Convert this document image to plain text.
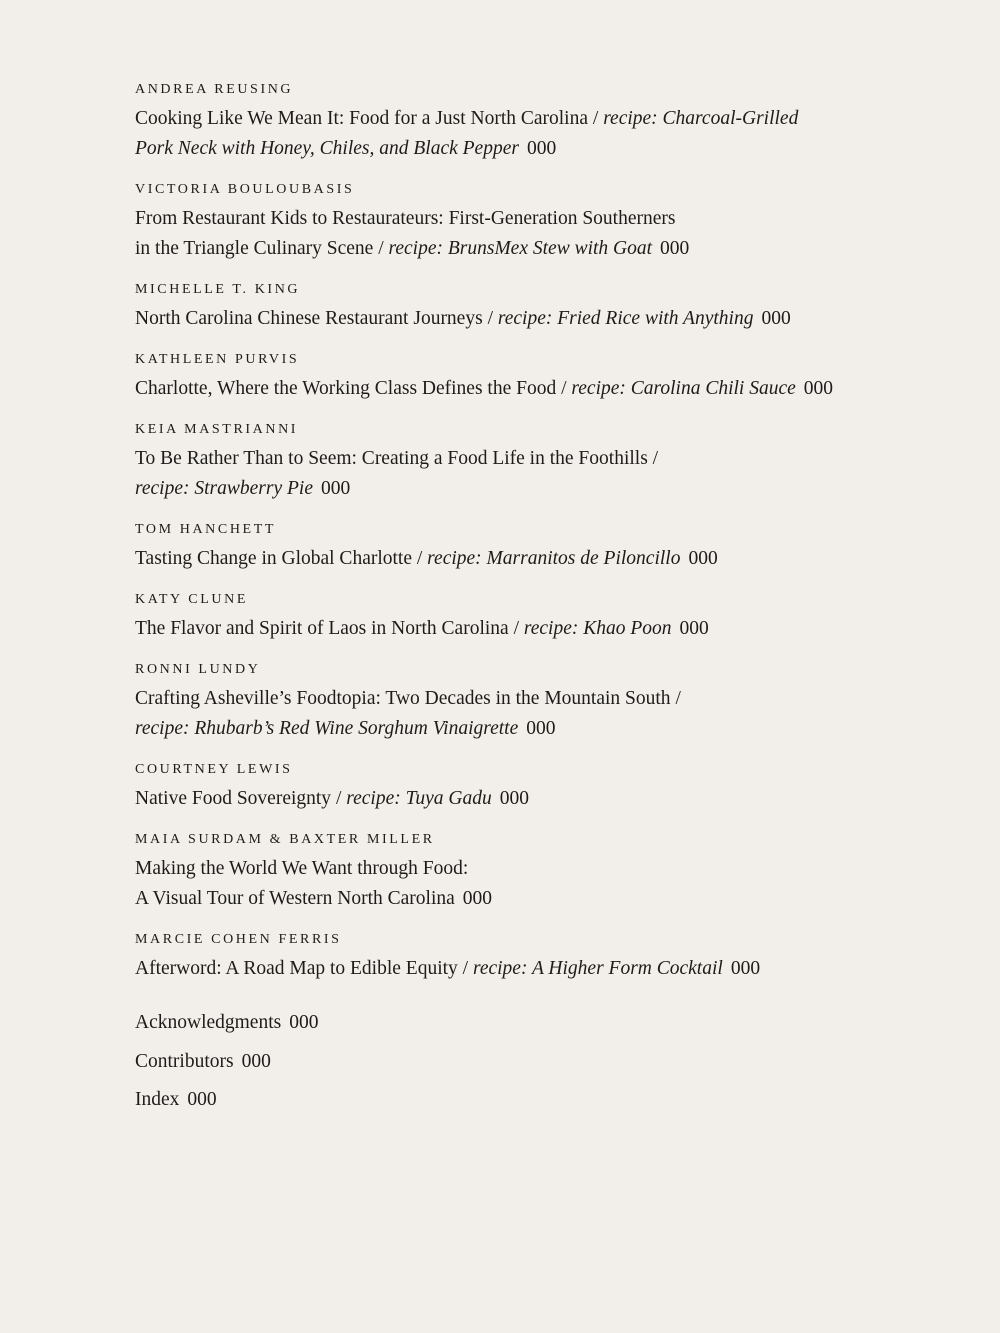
ANDREA REUSING
Cooking Like We Mean It: Food for a Just North Carolina / recipe: Charcoal-Grilled
Pork Neck with Honey, Chiles, and Black Pepper 000
VICTORIA BOULOUBASIS
From Restaurant Kids to Restaurateurs: First-Generation Southerners
in the Triangle Culinary Scene / recipe: BrunsMex Stew with Goat 000
MICHELLE T. KING
North Carolina Chinese Restaurant Journeys / recipe: Fried Rice with Anything 000
KATHLEEN PURVIS
Charlotte, Where the Working Class Defines the Food / recipe: Carolina Chili Sauce 000
KEIA MASTRIANNI
To Be Rather Than to Seem: Creating a Food Life in the Foothills /
recipe: Strawberry Pie 000
TOM HANCHETT
Tasting Change in Global Charlotte / recipe: Marranitos de Piloncillo 000
KATY CLUNE
The Flavor and Spirit of Laos in North Carolina / recipe: Khao Poon 000
RONNI LUNDY
Crafting Asheville’s Foodtopia: Two Decades in the Mountain South /
recipe: Rhubarb’s Red Wine Sorghum Vinaigrette 000
COURTNEY LEWIS
Native Food Sovereignty / recipe: Tuya Gadu 000
MAIA SURDAM & BAXTER MILLER
Making the World We Want through Food:
A Visual Tour of Western North Carolina 000
MARCIE COHEN FERRIS
Afterword: A Road Map to Edible Equity / recipe: A Higher Form Cocktail 000
Acknowledgments 000
Contributors 000
Index 000
